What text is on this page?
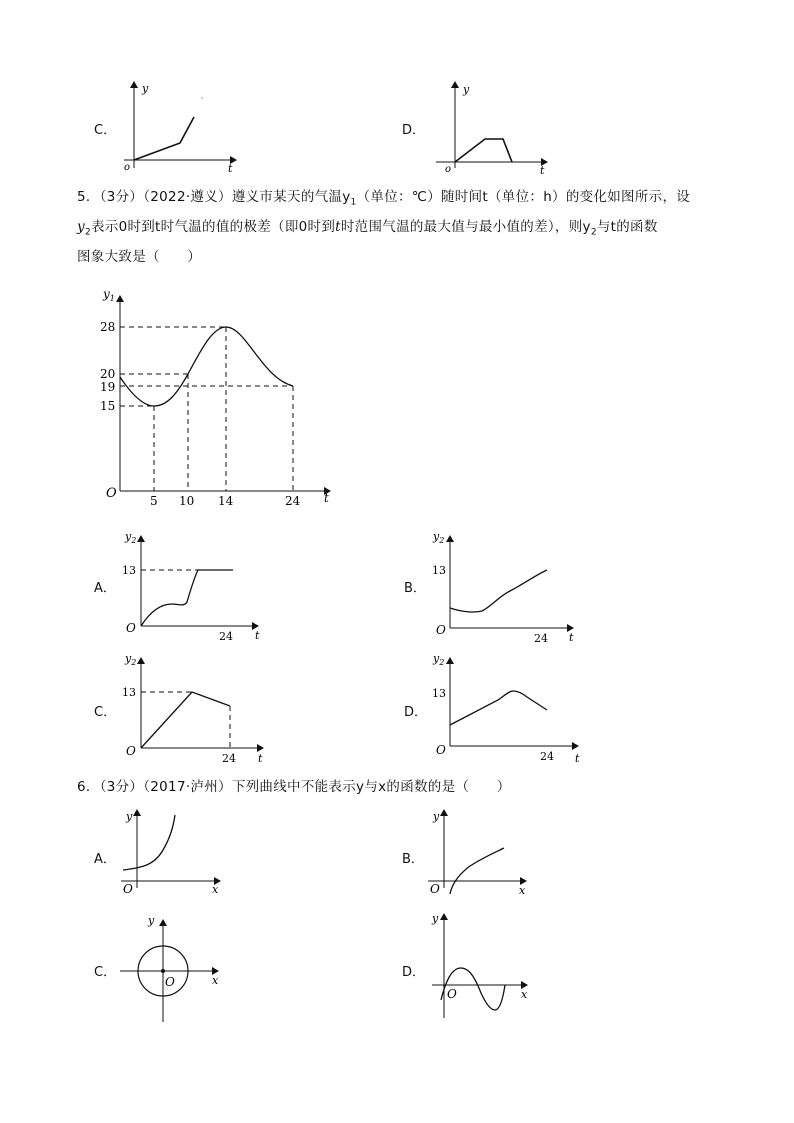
C．
y
o	t
D．
y
o	t
5．（3分）（2022·遵义）遵义市某天的气温$y_1$（单位：℃）随时间t（单位：h）的变化如图所示，设
$y_2$表示0时到t时气温的值的极差（即0时到t时范围气温的最大值与最小值的差），则$y_2$与t的函数
图象大致是（　　）
$y_1$
28
20
19
15
O	5 10 14	24 t
A．
$y_2$
13
O
24 t
B．
$y_2$
13
O
24 t
C．
$y_2$
13
O
24 t
D．
$y_2$
13
O	24 t
6．（3分）（2017·泸州）下列曲线中不能表示y与x的函数的是（　　）
A．
y
O	x
B．
y
O	x
C．
y
O	x
D．
y
O	x
